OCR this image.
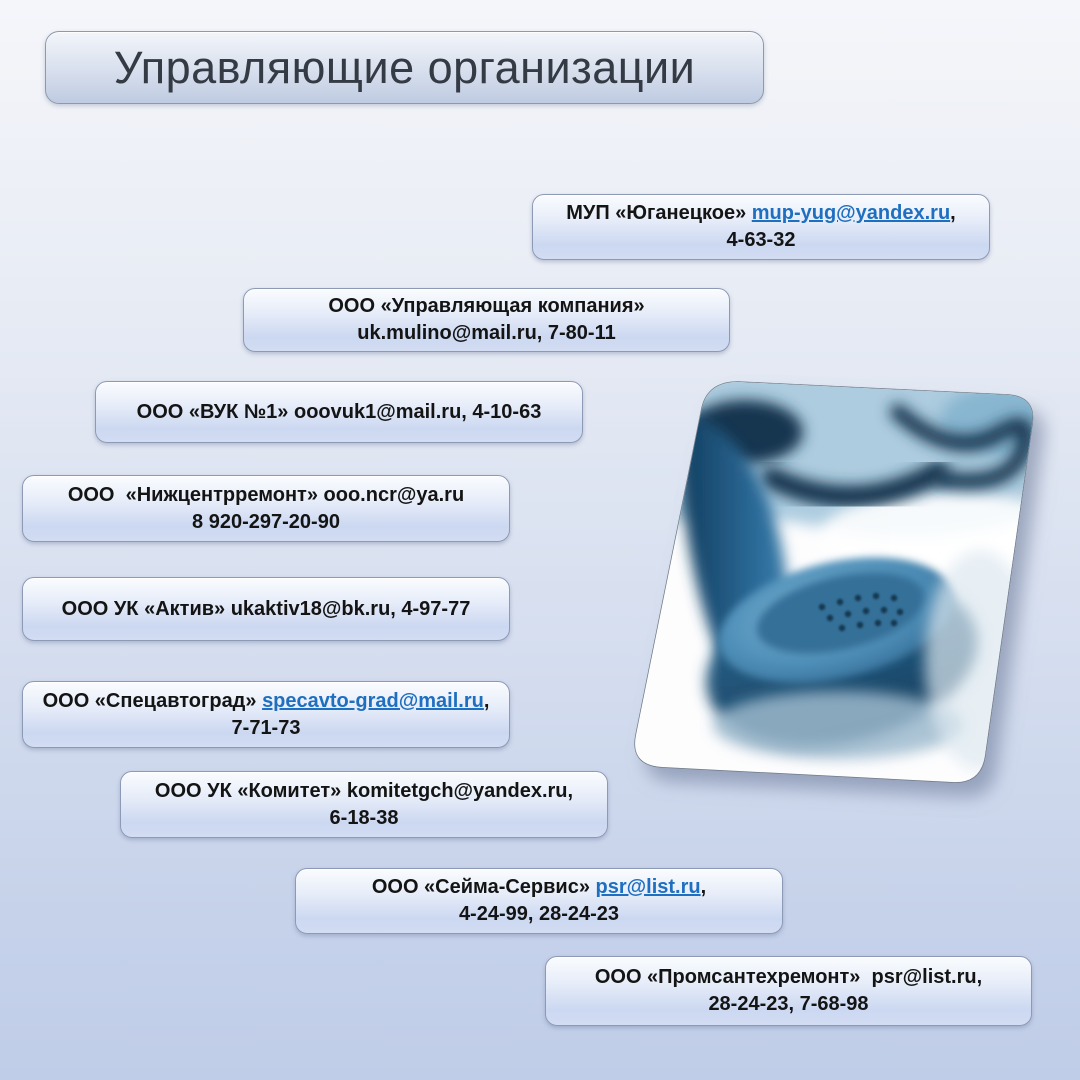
Управляющие организации
МУП «Юганецкое» mup-yug@yandex.ru,
4-63-32
ООО «Управляющая компания»
uk.mulino@mail.ru, 7-80-11
ООО «ВУК №1» ooovuk1@mail.ru, 4-10-63
ООО  «Нижцентрремонт» ooo.ncr@ya.ru
8 920-297-20-90
ООО УК «Актив» ukaktiv18@bk.ru, 4-97-77
ООО «Спецавтоград» specavto-grad@mail.ru,
7-71-73
ООО УК «Комитет» komitetgch@yandex.ru,
6-18-38
ООО «Сейма-Сервис» psr@list.ru,
4-24-99, 28-24-23
ООО «Промсантехремонт»  psr@list.ru,
28-24-23, 7-68-98
